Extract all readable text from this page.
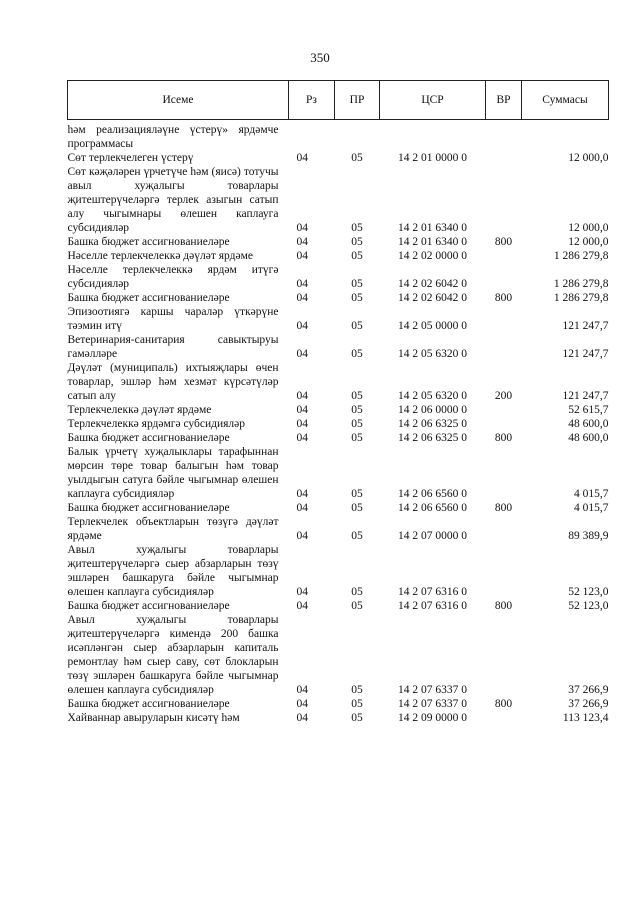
350
Исеме	Рз	ПР	ЦСР	ВР	Суммасы
һәм реализацияләүне үстерү» ярдәмче программасы					
Сөт терлекчелеген үстерү	04	05	14 2 01 0000 0		12 000,0
Сөт кәҗәләрен үрчетүче һәм (яисә) тотучы авыл хуҗалыгы товарлары җитештерүчеләргә терлек азыгын сатып алу чыгымнары өлешен каплауга субсидияләр	04	05	14 2 01 6340 0		12 000,0
Башка бюджет ассигнованиеләре	04	05	14 2 01 6340 0	800	12 000,0
Нәселле терлекчелеккә дәүләт ярдәме	04	05	14 2 02 0000 0		1 286 279,8
Нәселле терлекчелеккә ярдәм итүгә субсидияләр	04	05	14 2 02 6042 0		1 286 279,8
Башка бюджет ассигнованиеләре	04	05	14 2 02 6042 0	800	1 286 279,8
Эпизоотиягә каршы чараләр үткәрүне тәэмин итү	04	05	14 2 05 0000 0		121 247,7
Ветеринария-санитария савыктыруы гамәлләре	04	05	14 2 05 6320 0		121 247,7
Дәүләт (муниципаль) ихтыяҗлары өчен товарлар, эшләр һәм хезмәт күрсәтүләр сатып алу	04	05	14 2 05 6320 0	200	121 247,7
Терлекчелеккә дәүләт ярдәме	04	05	14 2 06 0000 0		52 615,7
Терлекчелеккә ярдәмгә субсидияләр	04	05	14 2 06 6325 0		48 600,0
Башка бюджет ассигнованиеләре	04	05	14 2 06 6325 0	800	48 600,0
Балык үрчетү хуҗалыклары тарафыннан мөрсин төре товар балыгын һәм товар уылдыгын сатуга бәйле чыгымнар өлешен каплауга субсидияләр	04	05	14 2 06 6560 0		4 015,7
Башка бюджет ассигнованиеләре	04	05	14 2 06 6560 0	800	4 015,7
Терлекчелек объектларын төзүгә дәүләт ярдәме	04	05	14 2 07 0000 0		89 389,9
Авыл хуҗалыгы товарлары җитештерүчеләргә сыер абзарларын төзү эшләрен башкаруга бәйле чыгымнар өлешен каплауга субсидияләр	04	05	14 2 07 6316 0		52 123,0
Башка бюджет ассигнованиеләре	04	05	14 2 07 6316 0	800	52 123,0
Авыл хуҗалыгы товарлары җитештерүчеләргә кимендә 200 башка исәпләнгән сыер абзарларын капиталь ремонтлау һәм сыер саву, сөт блокларын төзү эшләрен башкаруга бәйле чыгымнар өлешен каплауга субсидияләр	04	05	14 2 07 6337 0		37 266,9
Башка бюджет ассигнованиеләре	04	05	14 2 07 6337 0	800	37 266,9
Хайваннар авыруларын кисәтү һәм	04	05	14 2 09 0000 0		113 123,4
